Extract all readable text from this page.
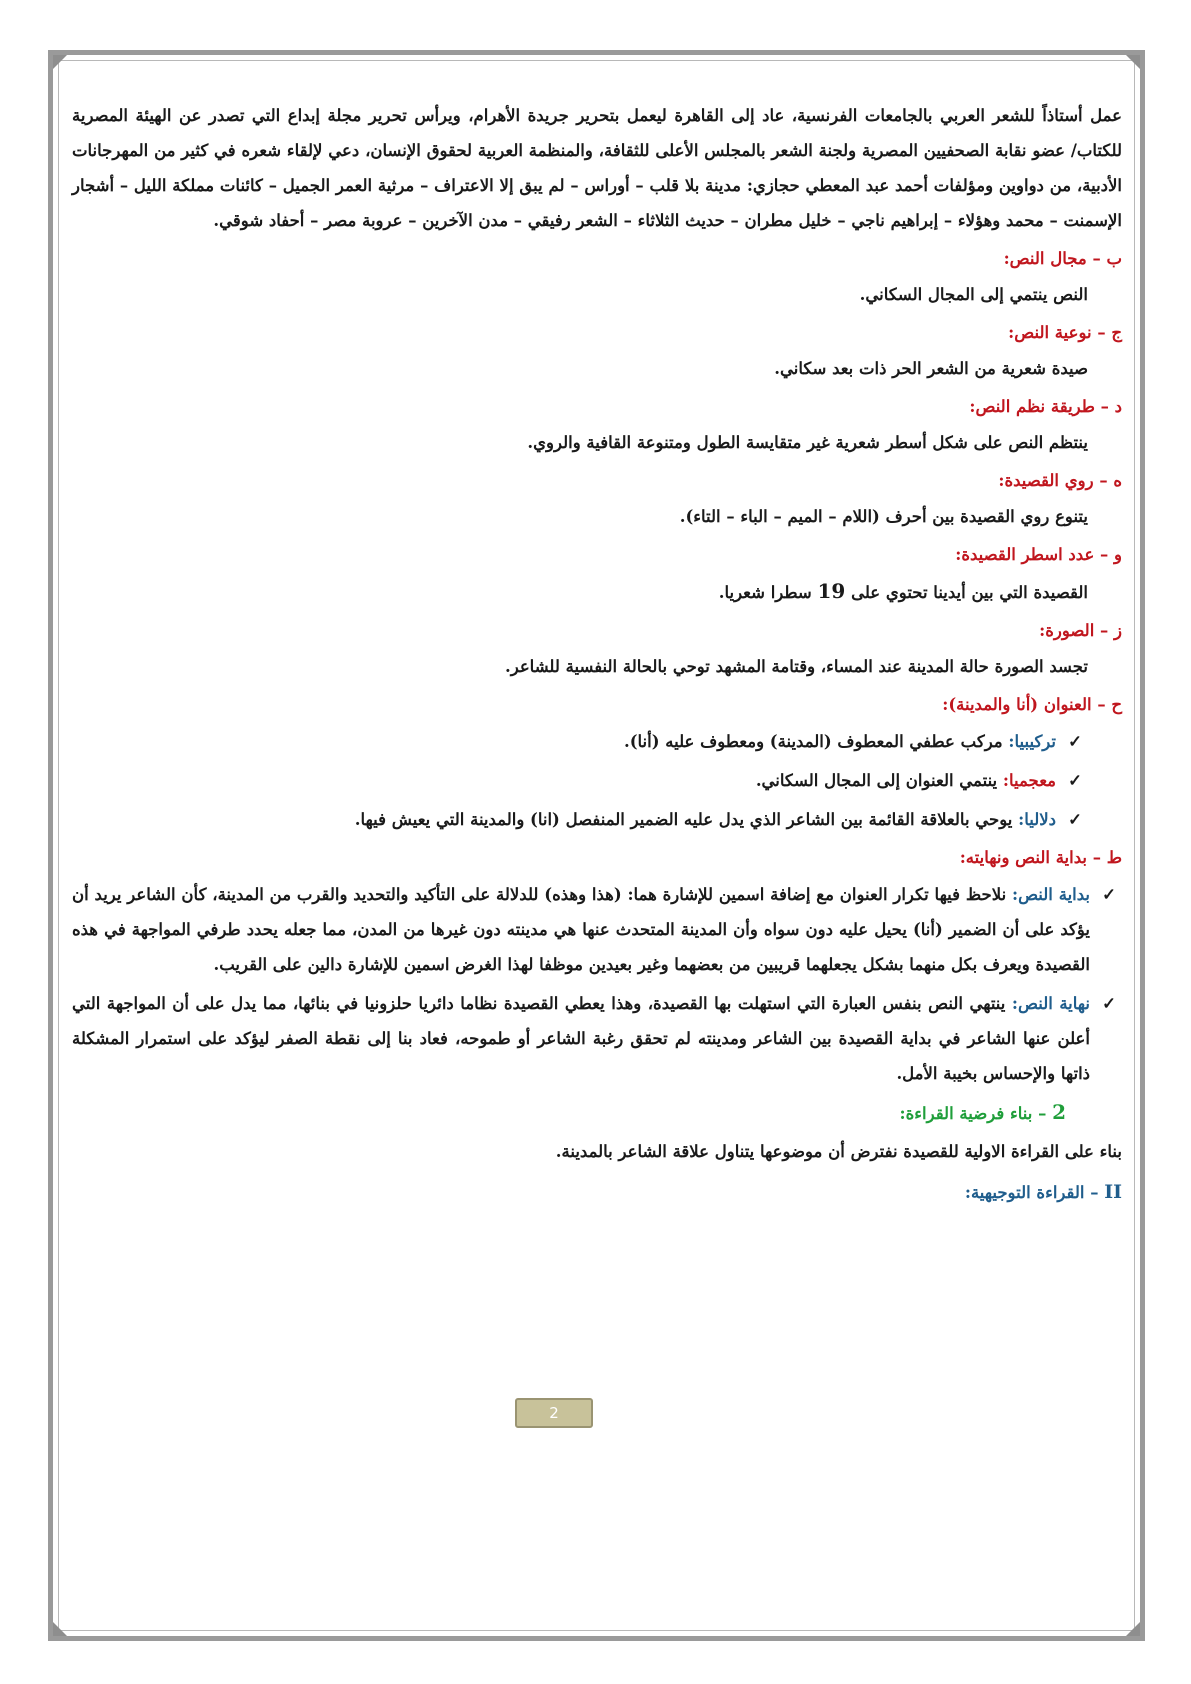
عمل أستاذاً للشعر العربي بالجامعات الفرنسية، عاد إلى القاهرة ليعمل بتحرير جريدة الأهرام، ويرأس تحرير مجلة إبداع التي تصدر عن الهيئة المصرية للكتاب/ عضو نقابة الصحفيين المصرية ولجنة الشعر بالمجلس الأعلى للثقافة، والمنظمة العربية لحقوق الإنسان، دعي لإلقاء شعره في كثير من المهرجانات الأدبية، من دواوين ومؤلفات أحمد عبد المعطي حجازي: مدينة بلا قلب – أوراس – لم يبق إلا الاعتراف – مرثية العمر الجميل – كائنات مملكة الليل – أشجار الإسمنت – محمد وهؤلاء – إبراهيم ناجي – خليل مطران – حديث الثلاثاء – الشعر رفيقي – مدن الآخرين – عروبة مصر – أحفاد شوقي.

ب – مجال النص:
النص ينتمي إلى المجال السكاني.
ج – نوعية النص:
صيدة شعرية من الشعر الحر ذات بعد سكاني.
د – طريقة نظم النص:
ينتظم النص على شكل أسطر شعرية غير متقايسة الطول ومتنوعة القافية والروي.
ه – روي القصيدة:
يتنوع روي القصيدة بين أحرف (اللام – الميم – الباء – التاء).
و – عدد اسطر القصيدة:
القصيدة التي بين أيدينا تحتوي على 19 سطرا شعريا.
ز – الصورة:
تجسد الصورة حالة المدينة عند المساء، وقتامة المشهد توحي بالحالة النفسية للشاعر.
ح – العنوان (أنا والمدينة):
✓
تركيبيا: مركب عطفي المعطوف (المدينة) ومعطوف عليه (أنا).
✓
معجميا: ينتمي العنوان إلى المجال السكاني.
✓
دلاليا: يوحي بالعلاقة القائمة بين الشاعر الذي يدل عليه الضمير المنفصل (انا) والمدينة التي يعيش فيها.
ط – بداية النص ونهايته:
✓
بداية النص: نلاحظ فيها تكرار العنوان مع إضافة اسمين للإشارة هما: (هذا وهذه) للدلالة على التأكيد والتحديد والقرب من المدينة، كأن الشاعر يريد أن يؤكد على أن الضمير (أنا) يحيل عليه دون سواه وأن المدينة المتحدث عنها هي مدينته دون غيرها من المدن، مما جعله يحدد طرفي المواجهة في هذه القصيدة ويعرف بكل منهما بشكل يجعلهما قريبين من بعضهما وغير بعيدين موظفا لهذا الغرض اسمين للإشارة دالين على القريب.
✓
نهاية النص: ينتهي النص بنفس العبارة التي استهلت بها القصيدة، وهذا يعطي القصيدة نظاما دائريا حلزونيا في بنائها، مما يدل على أن المواجهة التي أعلن عنها الشاعر في بداية القصيدة بين الشاعر ومدينته لم تحقق رغبة الشاعر أو طموحه، فعاد بنا إلى نقطة الصفر ليؤكد على استمرار المشكلة ذاتها والإحساس بخيبة الأمل.
2 – بناء فرضية القراءة:
بناء على القراءة الاولية للقصيدة نفترض أن موضوعها يتناول علاقة الشاعر بالمدينة.
II – القراءة التوجيهية:
2
